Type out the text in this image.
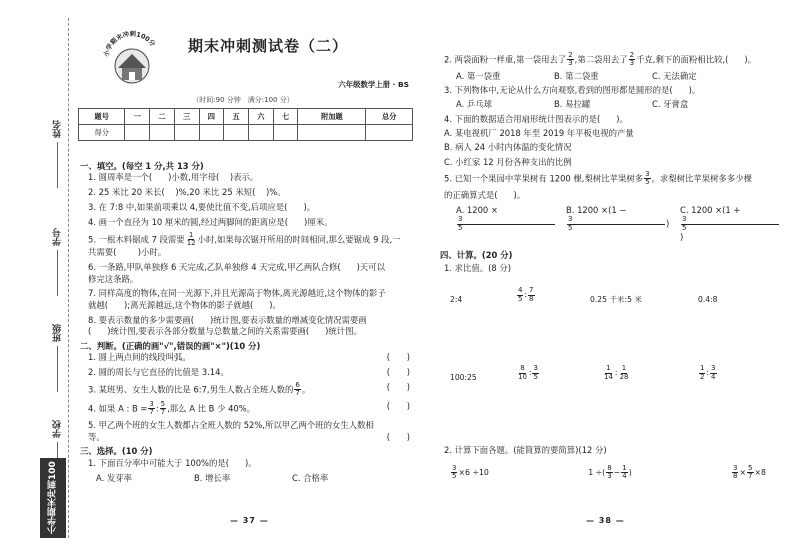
姓名
学号
班级
学校
小学期末冲刺100分
小学期末冲刺100分 期末冲刺测试卷（二）
六年级数学上册 · BS
（时间:90 分钟　满分:100 分）
题号	一	二	三	四	五	六	七	附加题	总分
得分									
一、填空。(每空 1 分,共 13 分)
1. 圆周率是一个( )小数,用字母( )表示。
2. 25 米比 20 米长( )%,20 米比 25 米短( )%。
3. 在 7:8 中,如果前项乘以 4,要使比值不变,后项应是( )。
4. 画一个直径为 10 厘米的圆,经过两脚间的距离应是( )厘米。
5. 一根木料锯成 7 段需要 $\frac{1}{12}$ 小时,如果每次锯开所用的时间相同,那么要锯成 9 段,一
共需要(	)小时。
6. 一条路,甲队单独修 6 天完成,乙队单独修 4 天完成,甲乙两队合修( )天可以
修完这条路。
7. 同样高度的物体,在同一光源下,并且光源高于物体,离光源越近,这个物体的影子
就越( );离光源越远,这个物体的影子就越( )。
8. 要表示数量的多少需要画( )统计图,要表示数量的增减变化情况需要画
( )统计图,要表示各部分数量与总数量之间的关系需要画( )统计图。
二、判断。(正确的画"√",错误的画"×")(10 分)
1. 圆上两点间的线段叫弧。	(　　)
2. 圆的周长与它直径的比值是 3.14。	(　　)
3. 某班男、女生人数的比是 6:7,男生人数占全班人数的 $\frac{6}{7}$ 。	(　　)
4. 如果 A : $B = \frac{3}{7}$ : $\frac{5}{7}$ ,那么 A 比 B 少 40%。	(　　)
5. 甲乙两个班的女生人数都占全班人数的 52%,所以甲乙两个班的女生人数相
等。	(　　)
三、选择。(10 分)
1. 下面百分率中可能大于 100%的是( )。
A. 发芽率	B. 增长率	C. 合格率
— 37 —
2. 两袋面粉一样重,第一袋用去了 $\frac{2}{3}$ ,第二袋用去了 $\frac{2}{3}$ 千克,剩下的面粉相比较,( )。
A. 第一袋重	B. 第二袋重	C. 无法确定
3. 下列物体中,无论从什么方向观察,看到的图形都是圆形的是( )。
A. 乒乓球	B. 易拉罐	C. 牙膏盒
4. 下面的数据适合用扇形统计图表示的是( )。
A. 某电视机厂 2018 年至 2019 年平板电视的产量
B. 病人 24 小时内体温的变化情况
C. 小红家 12 月份各种支出的比例
5. 已知一个果园中苹果树有 1200 棵,梨树比苹果树多 $\frac{3}{5}$ 。求梨树比苹果树多多少棵
的正确算式是( )。
A. 1200 ×
$\frac{3}{5}$
B. 1200 ×(1 −
$\frac{3}{5}$ )
C. 1200 ×(1 +
$\frac{3}{5}$
)
四、计算。(20 分)
1. 求比值。(8 分)
2:4	$\frac{4}{5}$ : $\frac{7}{8}$	0.25 千米:5 米	0.4:8
100:25	$\frac{8}{10}$ : $\frac{3}{5}$	$\frac{1}{14}$ : $\frac{1}{28}$	$\frac{1}{2}$ : $\frac{3}{4}$
2. 计算下面各题。(能简算的要简算)(12 分)
$\frac{3}{5} \times 6 \div 10$	1 ÷( $\frac{8}{3} - \frac{1}{4}$ )	$\frac{3}{8} \times \frac{5}{7} \times 8$
— 38 —
